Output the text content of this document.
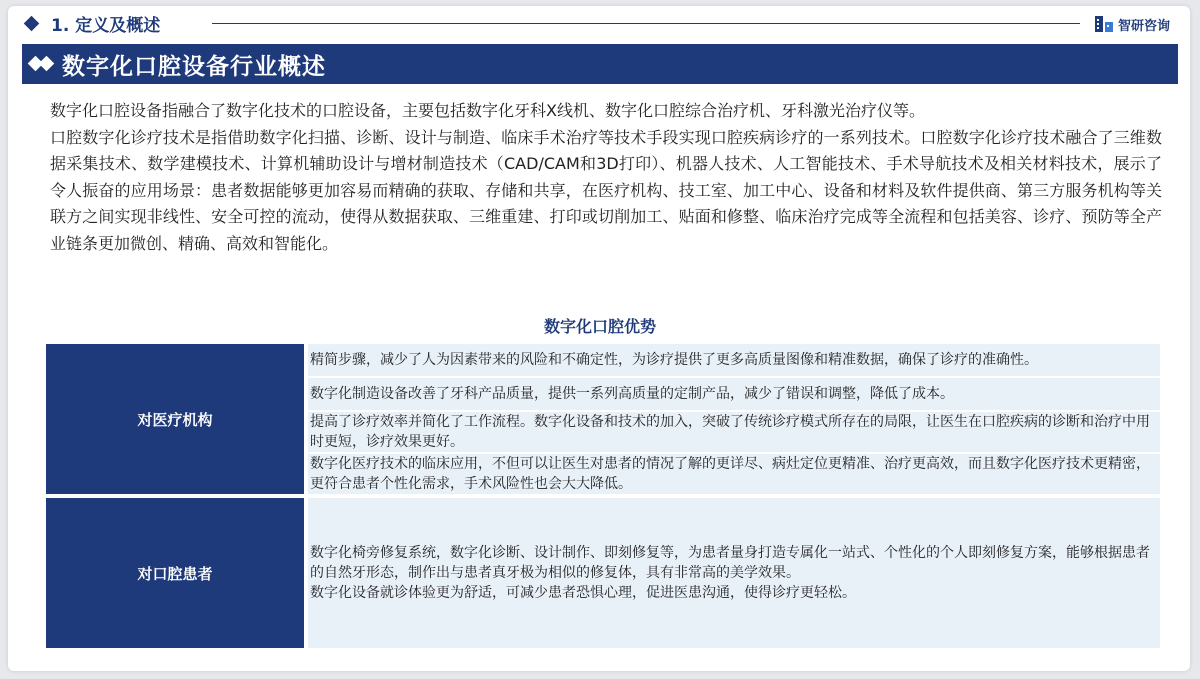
1. 定义及概述	智研咨询
数字化口腔设备行业概述

数字化口腔设备指融合了数字化技术的口腔设备，主要包括数字化牙科X线机、数字化口腔综合治疗机、牙科激光治疗仪等。

口腔数字化诊疗技术是指借助数字化扫描、诊断、设计与制造、临床手术治疗等技术手段实现口腔疾病诊疗的一系列技术。口腔数字化诊疗技术融合了三维数据采集技术、数学建模技术、计算机辅助设计与增材制造技术（CAD/CAM和3D打印）、机器人技术、人工智能技术、手术导航技术及相关材料技术，展示了令人振奋的应用场景：患者数据能够更加容易而精确的获取、存储和共享，在医疗机构、技工室、加工中心、设备和材料及软件提供商、第三方服务机构等关联方之间实现非线性、安全可控的流动，使得从数据获取、三维重建、打印或切削加工、贴面和修整、临床治疗完成等全流程和包括美容、诊疗、预防等全产业链条更加微创、精确、高效和智能化。

数字化口腔优势
对医疗机构
精简步骤，减少了人为因素带来的风险和不确定性，为诊疗提供了更多高质量图像和精准数据，确保了诊疗的准确性。
数字化制造设备改善了牙科产品质量，提供一系列高质量的定制产品，减少了错误和调整，降低了成本。
提高了诊疗效率并简化了工作流程。数字化设备和技术的加入，突破了传统诊疗模式所存在的局限，让医生在口腔疾病的诊断和治疗中用时更短，诊疗效果更好。
数字化医疗技术的临床应用，不但可以让医生对患者的情况了解的更详尽、病灶定位更精准、治疗更高效，而且数字化医疗技术更精密，更符合患者个性化需求，手术风险性也会大大降低。
对口腔患者
数字化椅旁修复系统，数字化诊断、设计制作、即刻修复等，为患者量身打造专属化一站式、个性化的个人即刻修复方案，能够根据患者的自然牙形态，制作出与患者真牙极为相似的修复体，具有非常高的美学效果。
数字化设备就诊体验更为舒适，可减少患者恐惧心理，促进医患沟通，使得诊疗更轻松。
